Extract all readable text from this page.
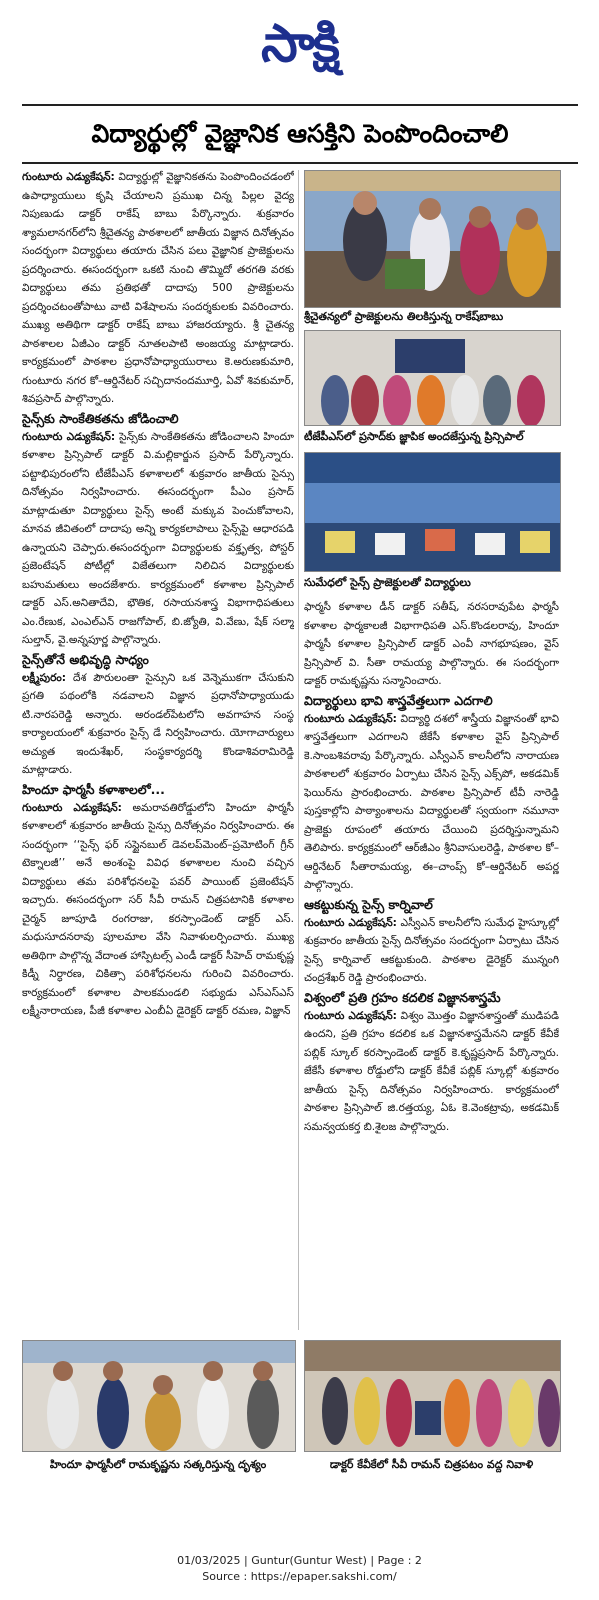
సాక్షి
విద్యార్థుల్లో వైజ్ఞానిక ఆసక్తిని పెంపొందించాలి

గుంటూరు ఎడ్యుకేషన్: విద్యార్థుల్లో వైజ్ఞానికతను పెంపొందించడంలో ఉపాధ్యాయులు కృషి చేయాలని ప్రముఖ చిన్న పిల్లల వైద్య నిపుణుడు డాక్టర్ రాకేష్ బాబు పేర్కొన్నారు. శుక్రవారం శ్యామలానగర్‌లోని శ్రీచైతన్య పాఠశాలలో జాతీయ విజ్ఞాన దినోత్సవం సందర్భంగా విద్యార్థులు తయారు చేసిన పలు వైజ్ఞానిక ప్రాజెక్టులను ప్రదర్శించారు. ఈసందర్భంగా ఒకటి నుంచి తొమ్మిదో తరగతి వరకు విద్యార్థులు తమ ప్రతిభతో దాదాపు 500 ప్రాజెక్టులను ప్రదర్శించటంతోపాటు వాటి విశేషాలను సందర్శకులకు వివరించారు. ముఖ్య అతిథిగా డాక్టర్ రాకేష్ బాబు హాజరయ్యారు. శ్రీ చైతన్య పాఠశాలల ఏజీఎం డాక్టర్ నూతలపాటి అంజయ్య మాట్లాడారు. కార్యక్రమంలో పాఠశాల ప్రధానోపాధ్యాయురాలు కె.అరుణకుమారి, గుంటూరు నగర కో–ఆర్డినేటర్ సచ్చిదానందమూర్తి, ఏవో శివకుమార్, శివప్రసాద్ పాల్గొన్నారు.

సైన్స్‌కు సాంకేతికతను జోడించాలి

గుంటూరు ఎడ్యుకేషన్: సైన్స్‌కు సాంకేతికతను జోడించాలని హిందూ కళాశాల ప్రిన్సిపాల్ డాక్టర్ వి.మల్లికార్జున ప్రసాద్ పేర్కొన్నారు. పట్టాభిపురంలోని టీజేపీఎస్ కళాశాలలో శుక్రవారం జాతీయ సైన్సు దినోత్సవం నిర్వహించారు. ఈసందర్భంగా పీఎం ప్రసాద్ మాట్లాడుతూ విద్యార్థులు సైన్స్ అంటే మక్కువ పెంచుకోవాలని, మానవ జీవితంలో దాదాపు అన్ని కార్యకలాపాలు సైన్స్‌పై ఆధారపడి ఉన్నాయని చెప్పారు.ఈసందర్భంగా విద్యార్థులకు వక్తృత్వ, పోస్టర్ ప్రజెంటేషన్ పోటీల్లో విజేతలుగా నిలిచిన విద్యార్థులకు బహుమతులు అందజేశారు. కార్యక్రమంలో కళాశాల ప్రిన్సిపాల్ డాక్టర్ ఎస్.అనితాదేవి, భౌతిక, రసాయనశాస్త్ర విభాగాధిపతులు ఎం.రేణుక, ఎంఎల్ఎన్ రాజగోపాల్, బి.జ్యోతి, వి.వేణు, షేక్ సల్మా సుల్తాన్, వై.అన్నపూర్ణ పాల్గొన్నారు.

సైన్స్‌తోనే అభివృద్ధి సాధ్యం

లక్ష్మీపురం: దేశ పౌరులంతా సైన్సుని ఒక వెన్నెముకగా చేసుకుని ప్రగతి పథంలోకి నడవాలని విజ్ఞాన ప్రధానోపాధ్యాయుడు టి.నారపరెడ్డి అన్నారు. అరండల్‌పేటలోని అవగాహన సంస్థ కార్యాలయంలో శుక్రవారం సైన్స్ డే నిర్వహించారు. యోగాచార్యులు అచ్యుత ఇందుశేఖర్, సంస్థకార్యదర్శి కొండాశివరామిరెడ్డి మాట్లాడారు.

హిందూ ఫార్మసీ కళాశాలలో...

గుంటూరు ఎడ్యుకేషన్: అమరావతిరోడ్డులోని హిందూ ఫార్మసీ కళాశాలలో శుక్రవారం జాతీయ సైన్సు దినోత్సవం నిర్వహించారు. ఈ సందర్భంగా ‘‘సైన్స్ ఫర్ సస్టైనబుల్ డెవలప్‌మెంట్–ప్రమోటింగ్ గ్రీన్ టెక్నాలజీ’’ అనే అంశంపై వివిధ కళాశాలల నుంచి వచ్చిన విద్యార్థులు తమ పరిశోధనలపై పవర్ పాయింట్ ప్రజెంటేషన్ ఇచ్చారు. ఈసందర్భంగా సర్ సీవీ రామన్ చిత్రపటానికి కళాశాల చైర్మన్ జూపూడి రంగరాజు, కరస్పాండెంట్ డాక్టర్ ఎస్. మధుసూదనరావు పూలమాల వేసి నివాళులర్పించారు. ముఖ్య అతిథిగా పాల్గొన్న వేదాంత హాస్పిటల్స్ ఎండీ డాక్టర్ సీహెచ్ రామకృష్ణ కిడ్నీ నిర్ధారణ, చికిత్సా పరిశోధనలను గురించి వివరించారు. కార్యక్రమంలో కళాశాల పాలకమండలి సభ్యుడు ఎస్ఎస్ఎస్ లక్ష్మీనారాయణ, పీజీ కళాశాల ఎంబీఏ డైరెక్టర్ డాక్టర్ రమణ, విజ్ఞాన్

శ్రీచైతన్యలో ప్రాజెక్టులను తిలకిస్తున్న రాకేష్‌బాబు
టీజేపీఎస్‌లో ప్రసాద్‌కు జ్ఞాపిక అందజేస్తున్న ప్రిన్సిపాల్
సుమేధలో సైన్స్ ప్రాజెక్టులతో విద్యార్థులు

ఫార్మసీ కళాశాల డీన్ డాక్టర్ సతీష్, నరసరావుపేట ఫార్మసీ కళాశాల ఫార్మకాలజీ విభాగాధిపతి ఎస్.కొండలరావు, హిందూ ఫార్మసీ కళాశాల ప్రిన్సిపాల్ డాక్టర్ ఎంవీ నాగభూషణం, వైస్ ప్రిన్సిపాల్ వి. సీతా రామయ్య పాల్గొన్నారు. ఈ సందర్భంగా డాక్టర్ రామకృష్ణను సన్మానించారు.

విద్యార్థులు భావి శాస్త్రవేత్తలుగా ఎదగాలి

గుంటూరు ఎడ్యుకేషన్: విద్యార్థి దశలో శాస్త్రీయ విజ్ఞానంతో భావి శాస్త్రవేత్తలుగా ఎదగాలని జేకేసీ కళాశాల వైస్ ప్రిన్సిపాల్ కె.సాంబశివరావు పేర్కొన్నారు. ఎస్వీఎన్ కాలనీలోని నారాయణ పాఠశాలలో శుక్రవారం ఏర్పాటు చేసిన సైన్స్ ఎక్స్‌పో, అకడమిక్ ఫెయిర్‌ను ప్రారంభించారు. పాఠశాల ప్రిన్సిపాల్ టీవీ నారెడ్డి పుస్తకాల్లోని పాఠ్యాంశాలను విద్యార్థులతో స్వయంగా నమూనా ప్రాజెక్టు రూపంలో తయారు చేయించి ప్రదర్శిస్తున్నామని తెలిపారు. కార్యక్రమంలో ఆర్‌జీఎం శ్రీనివాసులరెడ్డి, పాఠశాల కో–ఆర్డినేటర్ సీతారామయ్య, ఈ–చాంప్స్ కో–ఆర్డినేటర్ అపర్ణ పాల్గొన్నారు.

ఆకట్టుకున్న సైన్స్ కార్నివాల్

గుంటూరు ఎడ్యుకేషన్: ఎస్వీఎన్ కాలనీలోని సుమేధ హైస్కూల్లో శుక్రవారం జాతీయ సైన్స్ దినోత్సవం సందర్భంగా ఏర్పాటు చేసిన సైన్స్ కార్నివాల్ ఆకట్టుకుంది. పాఠశాల డైరెక్టర్ మున్నంగి చంద్రశేఖర్ రెడ్డి ప్రారంభించారు.

విశ్వంలో ప్రతి గ్రహం కదలిక విజ్ఞానశాస్త్రమే

గుంటూరు ఎడ్యుకేషన్: విశ్వం మొత్తం విజ్ఞానశాస్త్రంతో ముడిపడి ఉందని, ప్రతి గ్రహం కదలిక ఒక విజ్ఞానశాస్త్రమేనని డాక్టర్ కేవీకే పబ్లిక్ స్కూల్ కరస్పాండెంట్ డాక్టర్ కె.కృష్ణప్రసాద్ పేర్కొన్నారు. జేకేసీ కళాశాల రోడ్డులోని డాక్టర్ కేవీకే పబ్లిక్ స్కూల్లో శుక్రవారం జాతీయ సైన్స్ దినోత్సవం నిర్వహించారు. కార్యక్రమంలో పాఠశాల ప్రిన్సిపాల్ జి.రత్తయ్య, ఏఓ కె.వెంకట్రావు, అకడమిక్ సమన్వయకర్త బి.శైలజ పాల్గొన్నారు.

హిందూ ఫార్మసీలో రామకృష్ణను సత్కరిస్తున్న దృశ్యం	డాక్టర్ కేవీకేలో సీవీ రామన్ చిత్రపటం వద్ద నివాళి
01/03/2025 | Guntur(Guntur West) | Page : 2
Source : https://epaper.sakshi.com/
